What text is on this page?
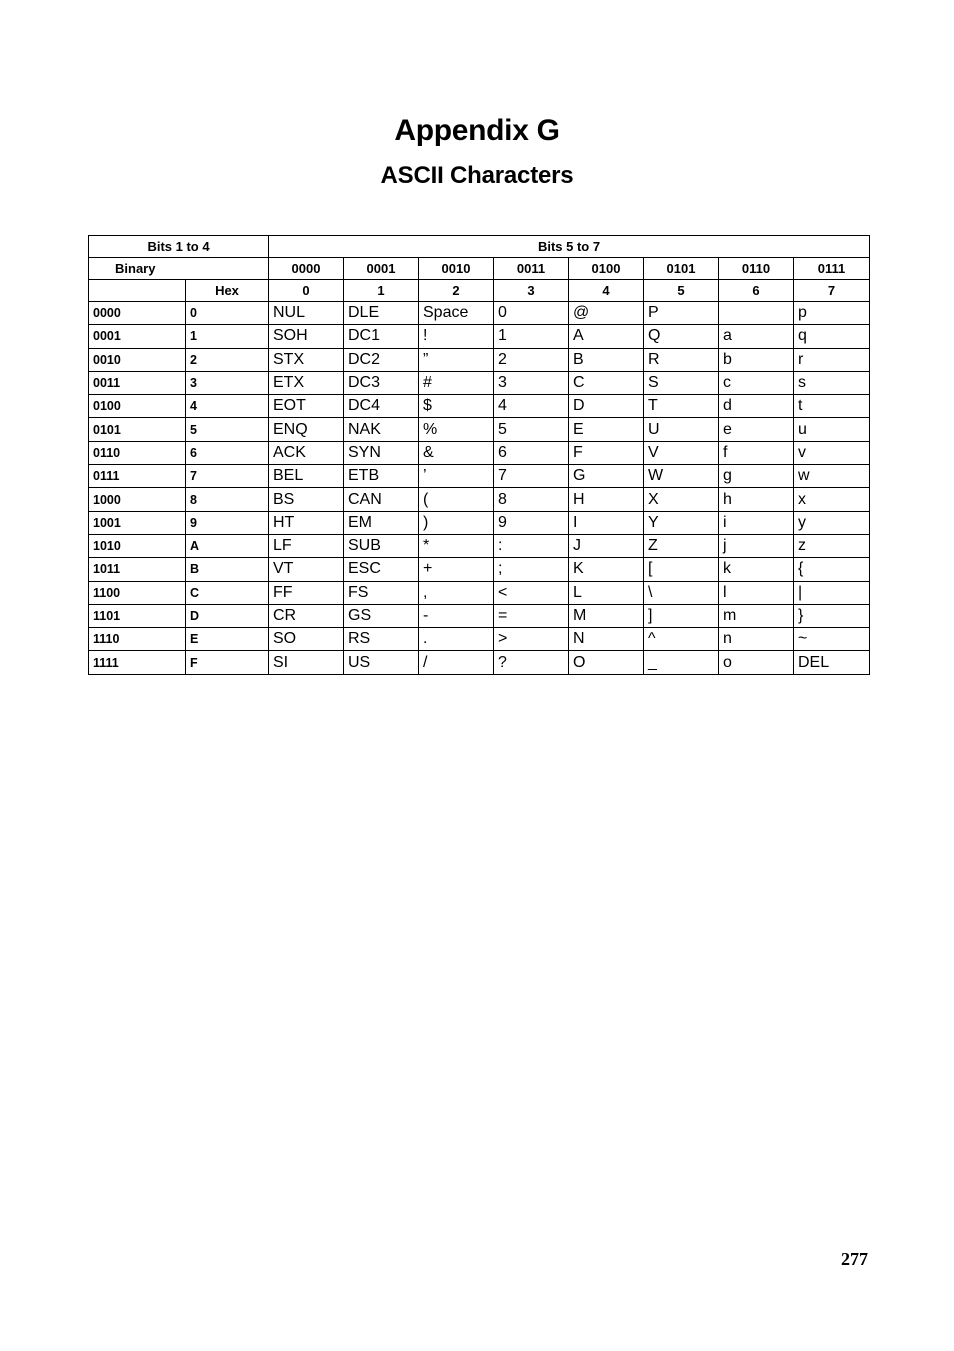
Appendix G
ASCII Characters
Bits 1 to 4		Bits 5 to 7							
Binary		0000	0001	0010	0011	0100	0101	0110	0111
	Hex	0	1	2	3	4	5	6	7
0000	0	NUL	DLE	Space	0	@	P		p
0001	1	SOH	DC1	!	1	A	Q	a	q
0010	2	STX	DC2	”	2	B	R	b	r
0011	3	ETX	DC3	#	3	C	S	c	s
0100	4	EOT	DC4	$	4	D	T	d	t
0101	5	ENQ	NAK	%	5	E	U	e	u
0110	6	ACK	SYN	&	6	F	V	f	v
0111	7	BEL	ETB	’	7	G	W	g	w
1000	8	BS	CAN	(	8	H	X	h	x
1001	9	HT	EM	)	9	I	Y	i	y
1010	A	LF	SUB	*	:	J	Z	j	z
1011	B	VT	ESC	+	;	K	[	k	{
1100	C	FF	FS	,	<	L	\	l	|
1101	D	CR	GS	-	=	M	]	m	}
1110	E	SO	RS	.	>	N	^	n	~
1111	F	SI	US	/	?	O	_	o	DEL
277
